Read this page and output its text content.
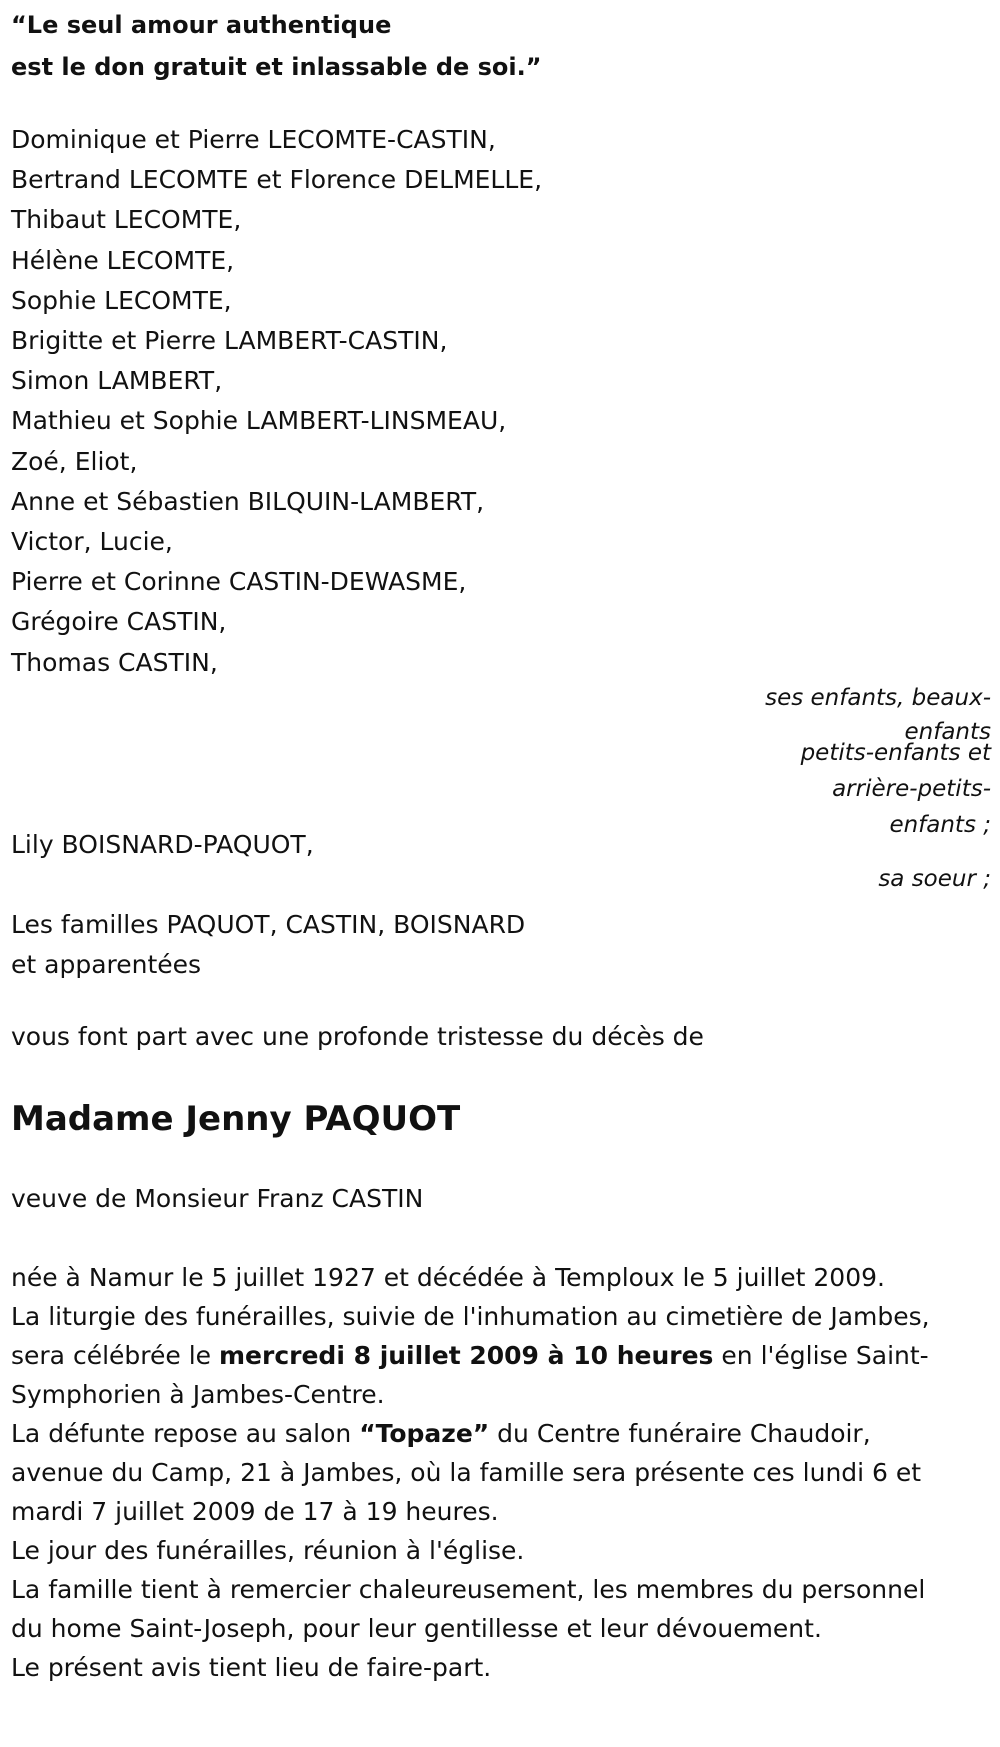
“Le seul amour authentique
est le don gratuit et inlassable de soi.”
Dominique et Pierre LECOMTE-CASTIN,
Bertrand LECOMTE et Florence DELMELLE,
Thibaut LECOMTE,
Hélène LECOMTE,
Sophie LECOMTE,
Brigitte et Pierre LAMBERT-CASTIN,
Simon LAMBERT,
Mathieu et Sophie LAMBERT-LINSMEAU,
Zoé, Eliot,
Anne et Sébastien BILQUIN-LAMBERT,
Victor, Lucie,
Pierre et Corinne CASTIN-DEWASME,
Grégoire CASTIN,
Thomas CASTIN,
ses enfants, beaux-
enfants
petits-enfants et
arrière-petits-
enfants ;
Lily BOISNARD-PAQUOT,
sa soeur ;
Les familles PAQUOT, CASTIN, BOISNARD
et apparentées
vous font part avec une profonde tristesse du décès de
Madame Jenny PAQUOT
veuve de Monsieur Franz CASTIN
née à Namur le 5 juillet 1927 et décédée à Temploux le 5 juillet 2009.
La liturgie des funérailles, suivie de l'inhumation au cimetière de Jambes,
sera célébrée le mercredi 8 juillet 2009 à 10 heures en l'église Saint-
Symphorien à Jambes-Centre.
La défunte repose au salon “Topaze” du Centre funéraire Chaudoir,
avenue du Camp, 21 à Jambes, où la famille sera présente ces lundi 6 et
mardi 7 juillet 2009 de 17 à 19 heures.
Le jour des funérailles, réunion à l'église.
La famille tient à remercier chaleureusement, les membres du personnel
du home Saint-Joseph, pour leur gentillesse et leur dévouement.
Le présent avis tient lieu de faire-part.
